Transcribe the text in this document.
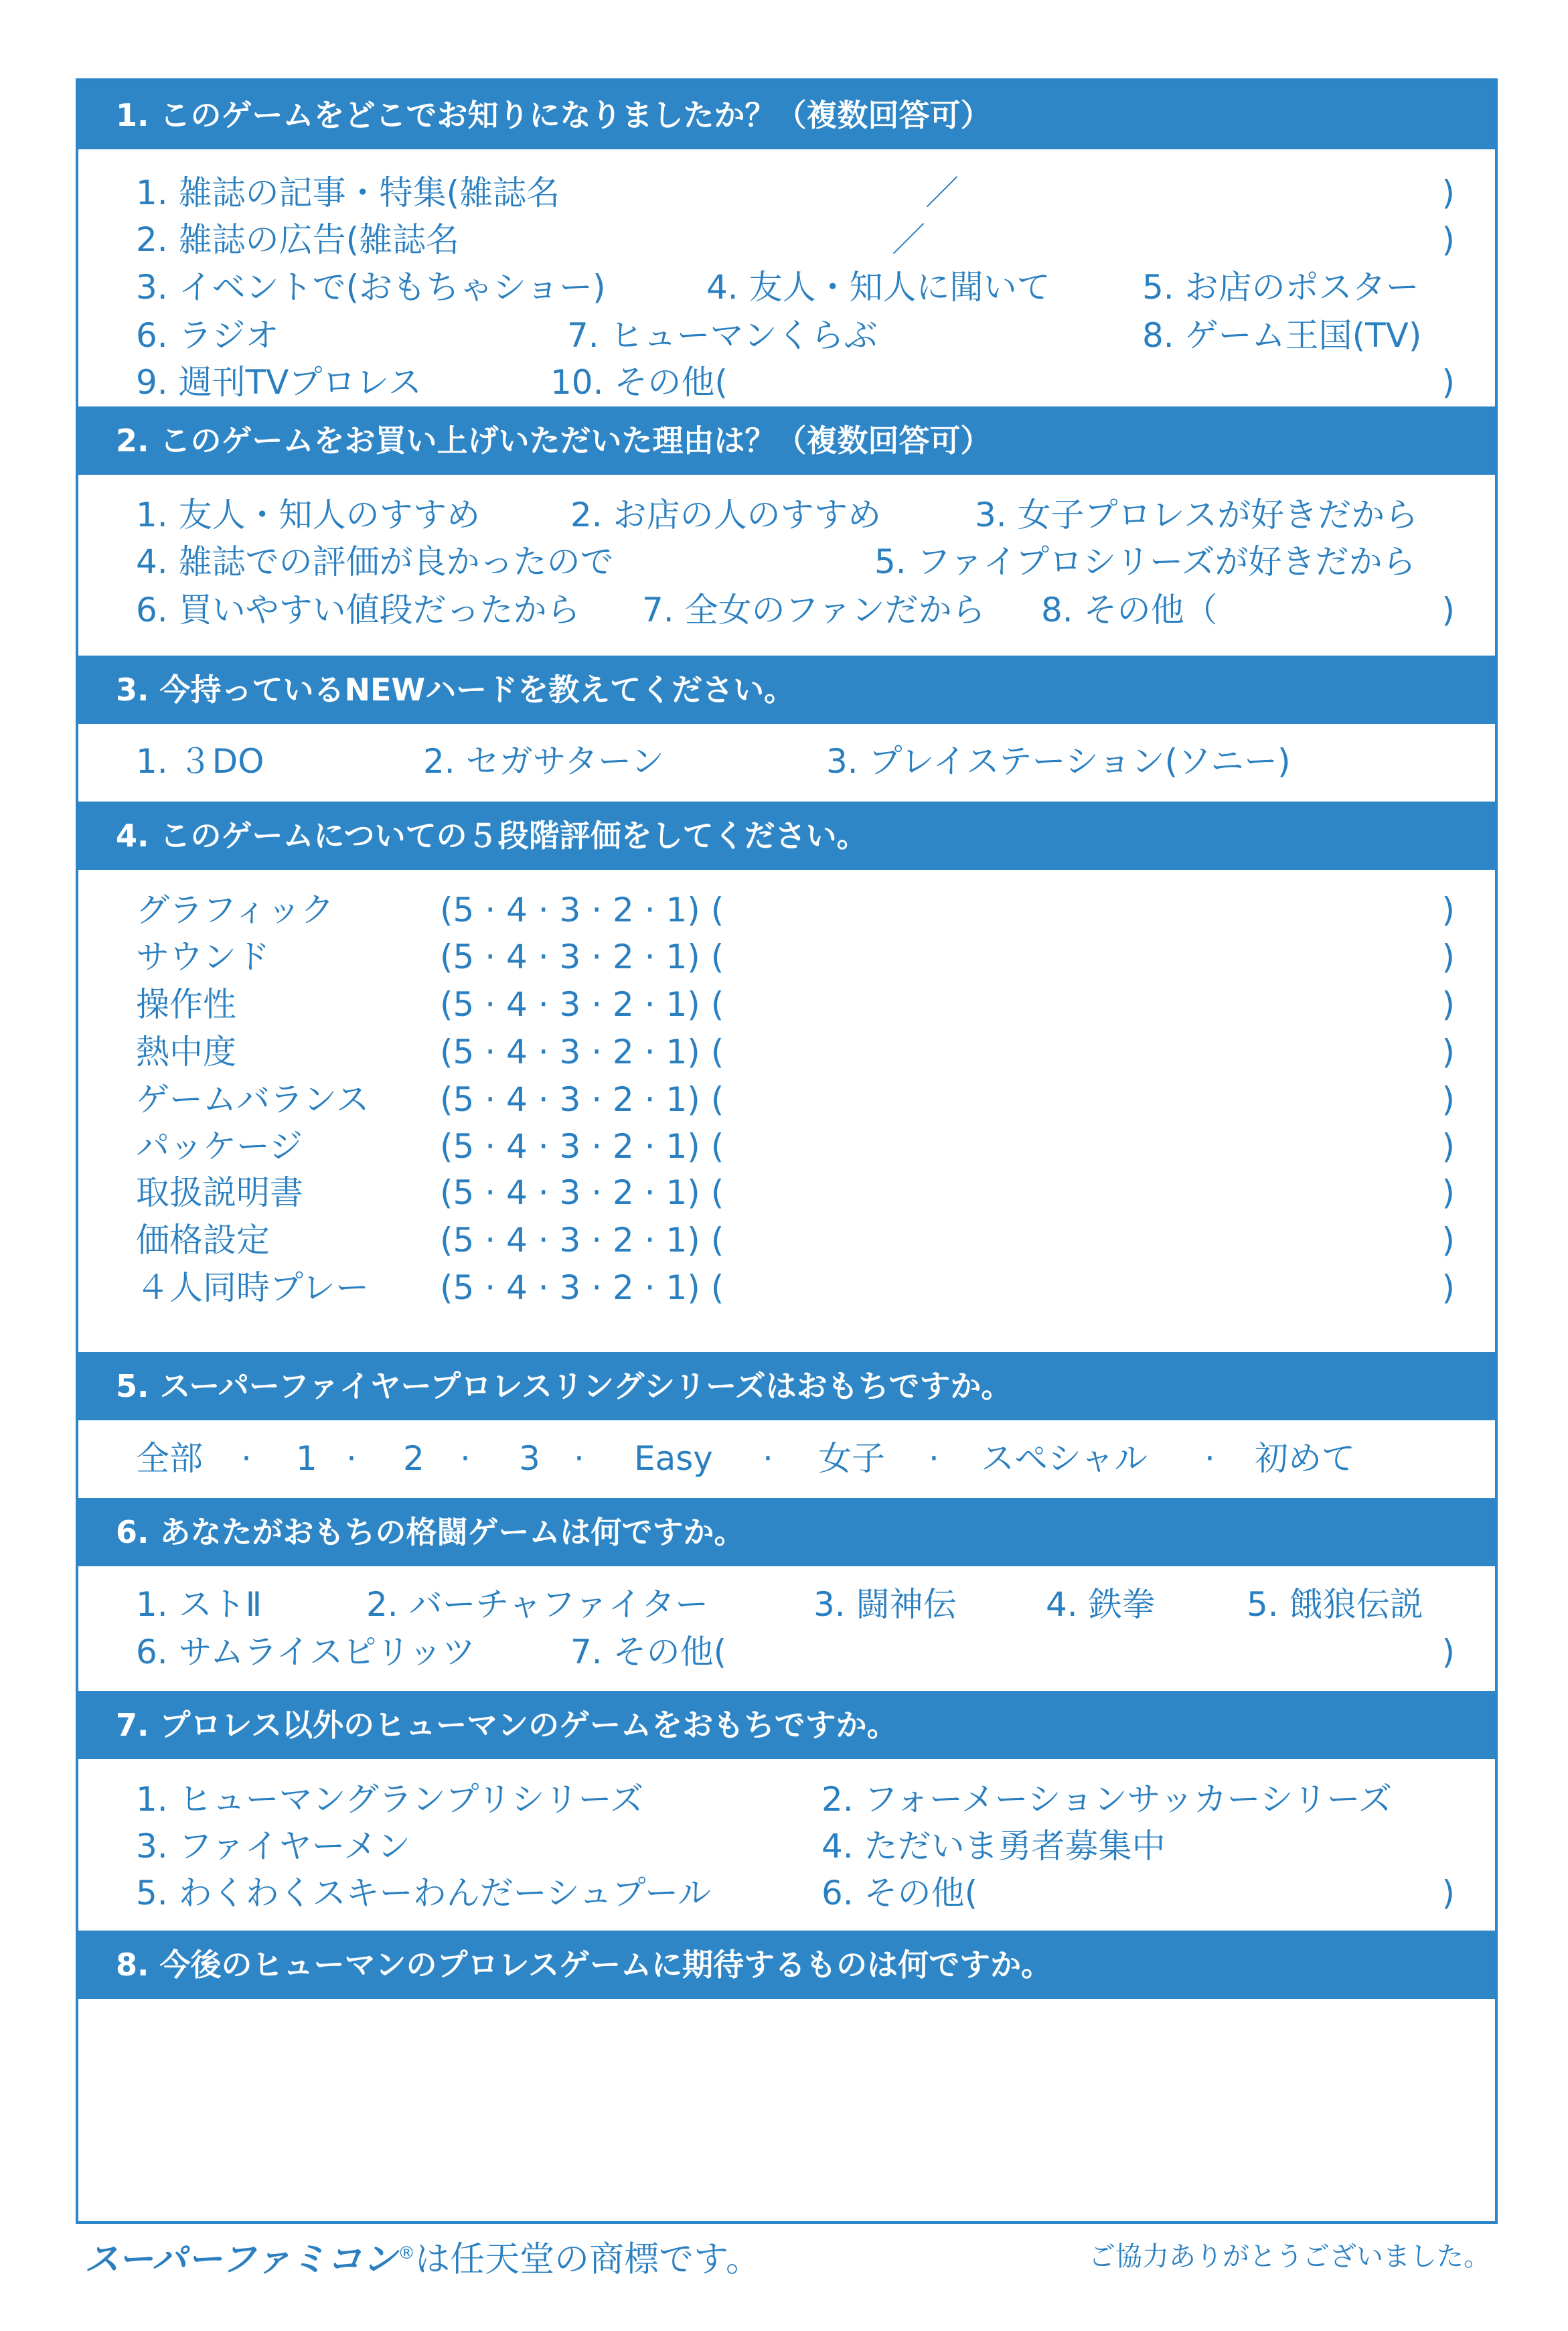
1. このゲームをどこでお知りになりましたか？（複数回答可）
1. 雑誌の記事・特集(雑誌名	／	)
2. 雑誌の広告(雑誌名	／	)
3. イベントで(おもちゃショー)	4. 友人・知人に聞いて	5. お店のポスター
6. ラジオ	7. ヒューマンくらぶ	8. ゲーム王国(TV)
9. 週刊TVプロレス	10. その他(	)
2. このゲームをお買い上げいただいた理由は？（複数回答可）
1. 友人・知人のすすめ	2. お店の人のすすめ	3. 女子プロレスが好きだから
4. 雑誌での評価が良かったので	5. ファイプロシリーズが好きだから
6. 買いやすい値段だったから 7. 全女のファンだから 8. その他（	)
3. 今持っているNEWハードを教えてください。
1. ３DO	2. セガサターン	3. プレイステーション(ソニー)
4. このゲームについての５段階評価をしてください。
グラフィック	(5 · 4 · 3 · 2 · 1) (	)
サウンド	(5 · 4 · 3 · 2 · 1) (	)
操作性	(5 · 4 · 3 · 2 · 1) (	)
熱中度	(5 · 4 · 3 · 2 · 1) (	)
ゲームバランス (5 · 4 · 3 · 2 · 1) (	)
パッケージ	(5 · 4 · 3 · 2 · 1) (	)
取扱説明書	(5 · 4 · 3 · 2 · 1) (	)
価格設定	(5 · 4 · 3 · 2 · 1) (	)
４人同時プレー (5 · 4 · 3 · 2 · 1) (	)
5. スーパーファイヤープロレスリングシリーズはおもちですか。
全部 · 1 · 2 · 3 · Easy · 女子 · スペシャル · 初めて
6. あなたがおもちの格闘ゲームは何ですか。
1. ストⅡ	2. バーチャファイター	3. 闘神伝	4. 鉄拳	5. 餓狼伝説
6. サムライスピリッツ	7. その他(	)
7. プロレス以外のヒューマンのゲームをおもちですか。
1. ヒューマングランプリシリーズ	2. フォーメーションサッカーシリーズ
3. ファイヤーメン	4. ただいま勇者募集中
5. わくわくスキーわんだーシュプール	6. その他(	)
8. 今後のヒューマンのプロレスゲームに期待するものは何ですか。
スーパーファミコン®は任天堂の商標です。	ご協力ありがとうございました。
